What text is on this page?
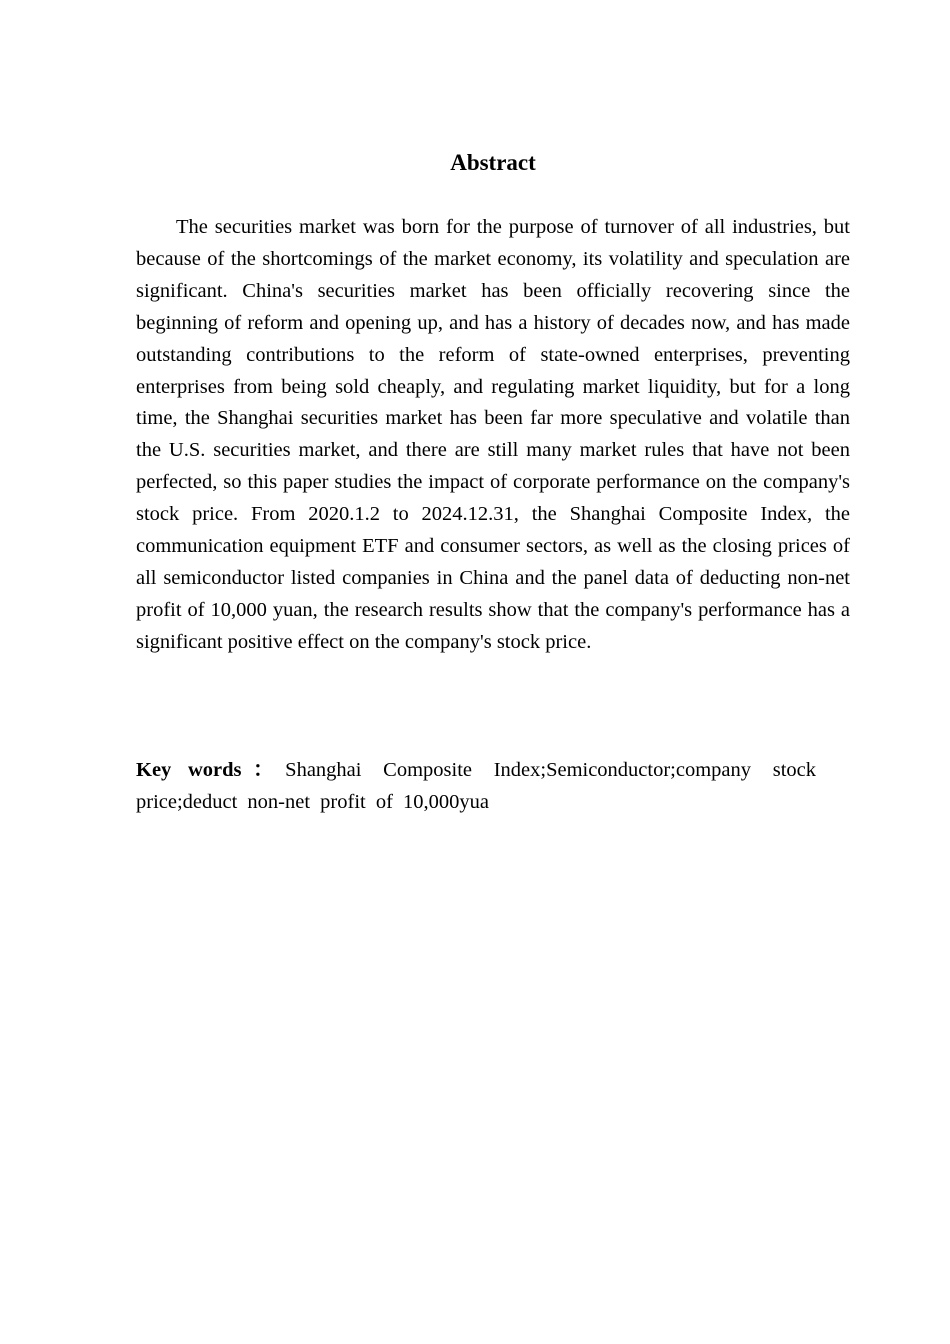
Abstract

The securities market was born for the purpose of turnover of all industries, but because of the shortcomings of the market economy, its volatility and speculation are significant. China's securities market has been officially recovering since the beginning of reform and opening up, and has a history of decades now, and has made outstanding contributions to the reform of state-owned enterprises, preventing enterprises from being sold cheaply, and regulating market liquidity, but for a long time, the Shanghai securities market has been far more speculative and volatile than the U.S. securities market, and there are still many market rules that have not been perfected, so this paper studies the impact of corporate performance on the company's stock price. From 2020.1.2 to 2024.12.31, the Shanghai Composite Index, the communication equipment ETF and consumer sectors, as well as the closing prices of all semiconductor listed companies in China and the panel data of deducting non-net profit of 10,000 yuan, the research results show that the company's performance has a significant positive effect on the company's stock price.

Key words：Shanghai Composite Index;Semiconductor;company stock price;deduct non-net profit of 10,000yua
